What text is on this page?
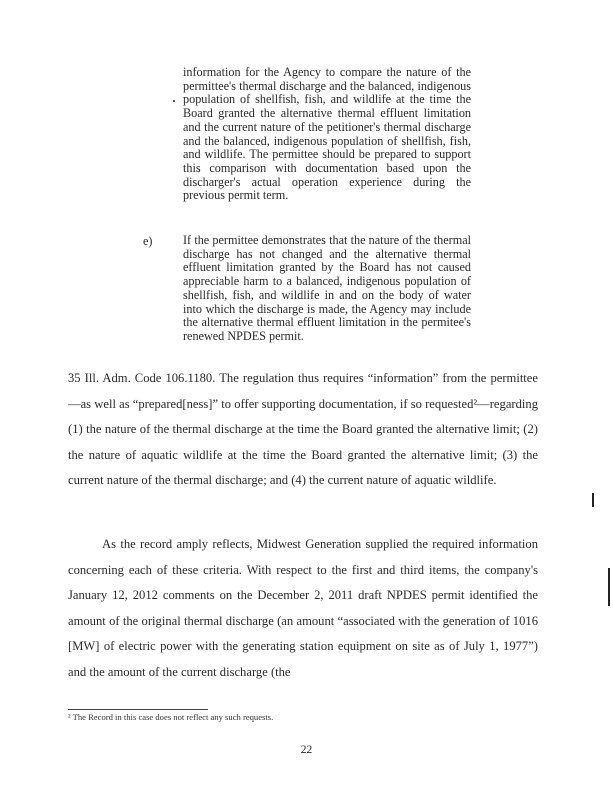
information for the Agency to compare the nature of the permittee's thermal discharge and the balanced, indigenous population of shellfish, fish, and wildlife at the time the Board granted the alternative thermal effluent limitation and the current nature of the petitioner's thermal discharge and the balanced, indigenous population of shellfish, fish, and wildlife. The permittee should be prepared to support this comparison with documentation based upon the discharger's actual operation experience during the previous permit term.
e)	If the permittee demonstrates that the nature of the thermal discharge has not changed and the alternative thermal effluent limitation granted by the Board has not caused appreciable harm to a balanced, indigenous population of shellfish, fish, and wildlife in and on the body of water into which the discharge is made, the Agency may include the alternative thermal effluent limitation in the permitee's renewed NPDES permit.
35 Ill. Adm. Code 106.1180. The regulation thus requires “information” from the permittee—as well as “prepared[ness]” to offer supporting documentation, if so requested²—regarding (1) the nature of the thermal discharge at the time the Board granted the alternative limit; (2) the nature of aquatic wildlife at the time the Board granted the alternative limit; (3) the current nature of the thermal discharge; and (4) the current nature of aquatic wildlife.
As the record amply reflects, Midwest Generation supplied the required information concerning each of these criteria. With respect to the first and third items, the company's January 12, 2012 comments on the December 2, 2011 draft NPDES permit identified the amount of the original thermal discharge (an amount “associated with the generation of 1016 [MW] of electric power with the generating station equipment on site as of July 1, 1977”) and the amount of the current discharge (the
² The Record in this case does not reflect any such requests.
22
